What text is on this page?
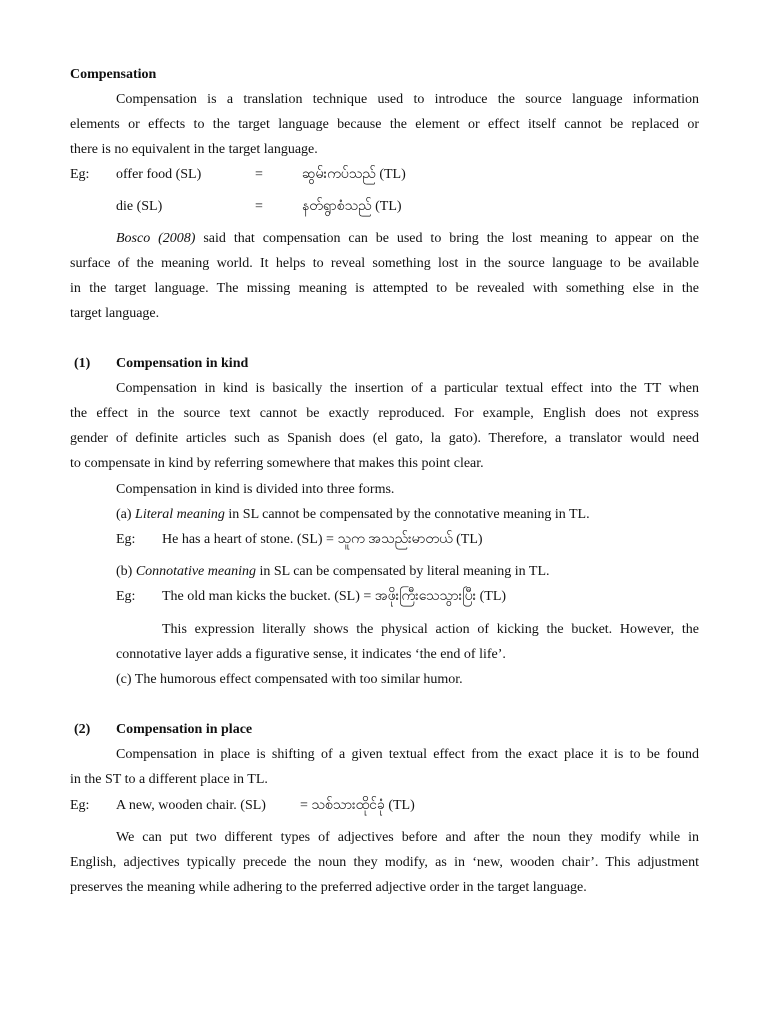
Compensation
Compensation is a translation technique used to introduce the source language information
elements or effects to the target language because the element or effect itself cannot be replaced or
there is no equivalent in the target language.
Eg: offer food (SL)	=	ဆွမ်းကပ်သည် (TL)
die (SL)	=	နတ်ရွာစံသည် (TL)
Bosco (2008) said that compensation can be used to bring the lost meaning to appear on the
surface of the meaning world. It helps to reveal something lost in the source language to be available
in the target language. The missing meaning is attempted to be revealed with something else in the
target language.
(1) Compensation in kind
Compensation in kind is basically the insertion of a particular textual effect into the TT when
the effect in the source text cannot be exactly reproduced. For example, English does not express
gender of definite articles such as Spanish does (el gato, la gato). Therefore, a translator would need
to compensate in kind by referring somewhere that makes this point clear.
Compensation in kind is divided into three forms.
(a) Literal meaning in SL cannot be compensated by the connotative meaning in TL.
Eg: He has a heart of stone. (SL) = သူက အသည်းမာတယ် (TL)
(b) Connotative meaning in SL can be compensated by literal meaning in TL.
Eg: The old man kicks the bucket. (SL) = အဖိုးကြီးသေသွားပြီး (TL)
This expression literally shows the physical action of kicking the bucket. However, the
connotative layer adds a figurative sense, it indicates ‘the end of life’.
(c) The humorous effect compensated with too similar humor.
(2) Compensation in place
Compensation in place is shifting of a given textual effect from the exact place it is to be found
in the ST to a different place in TL.
Eg: A new, wooden chair. (SL) = သစ်သားထိုင်ခုံ (TL)
We can put two different types of adjectives before and after the noun they modify while in
English, adjectives typically precede the noun they modify, as in ‘new, wooden chair’. This adjustment
preserves the meaning while adhering to the preferred adjective order in the target language.
